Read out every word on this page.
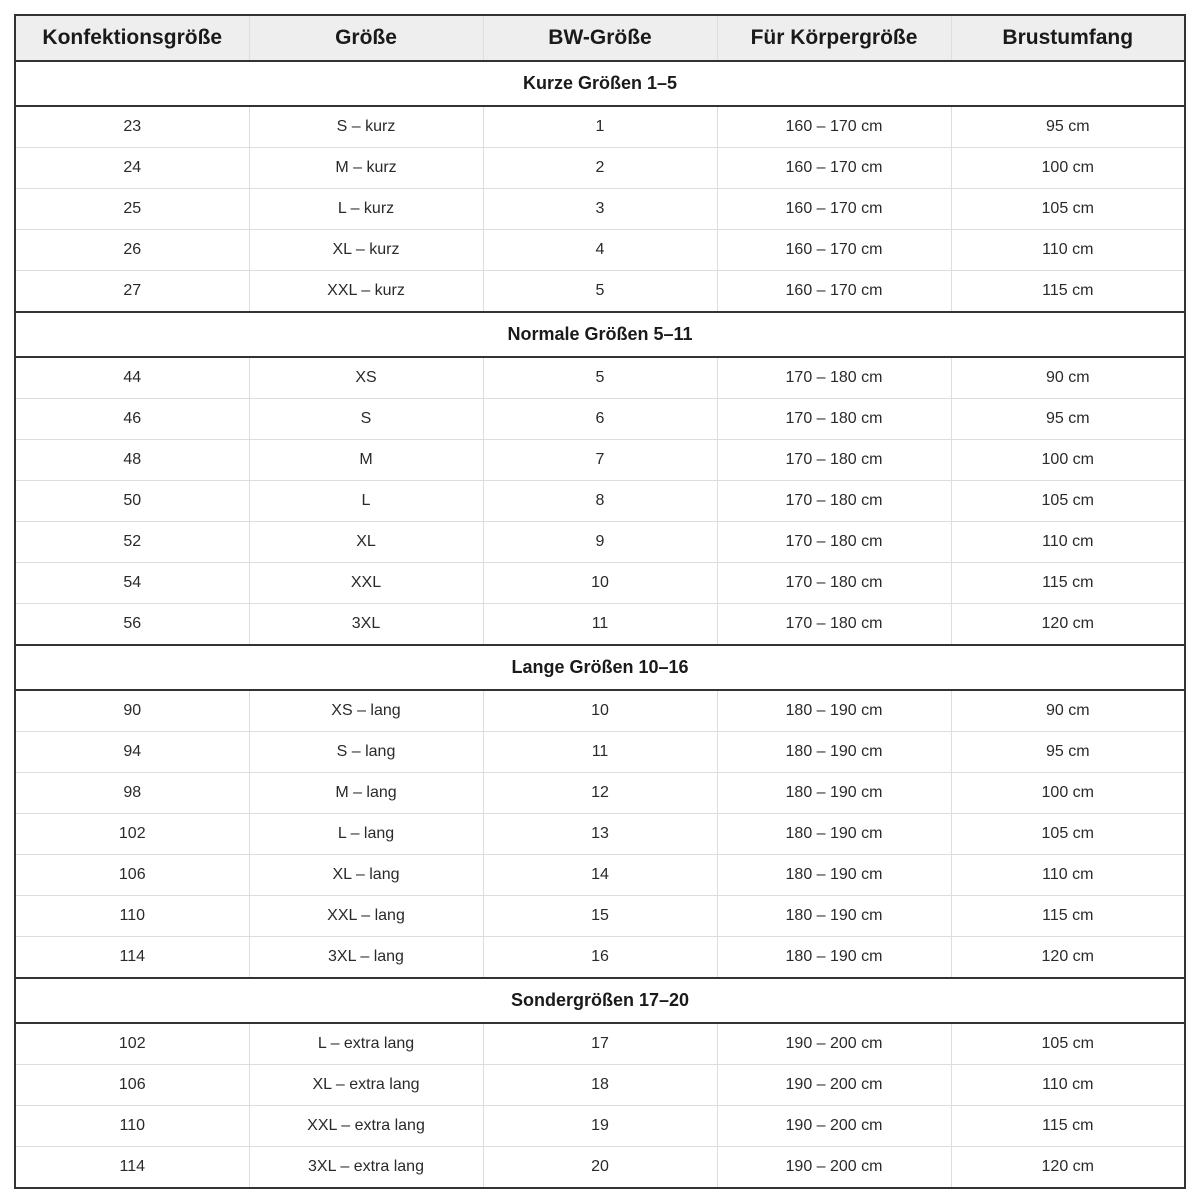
Konfektionsgröße	Größe	BW-Größe	Für Körpergröße	Brustumfang
Kurze Größen 1–5				
23	S – kurz	1	160 – 170 cm	95 cm
24	M – kurz	2	160 – 170 cm	100 cm
25	L – kurz	3	160 – 170 cm	105 cm
26	XL – kurz	4	160 – 170 cm	110 cm
27	XXL – kurz	5	160 – 170 cm	115 cm
Normale Größen 5–11				
44	XS	5	170 – 180 cm	90 cm
46	S	6	170 – 180 cm	95 cm
48	M	7	170 – 180 cm	100 cm
50	L	8	170 – 180 cm	105 cm
52	XL	9	170 – 180 cm	110 cm
54	XXL	10	170 – 180 cm	115 cm
56	3XL	11	170 – 180 cm	120 cm
Lange Größen 10–16				
90	XS – lang	10	180 – 190 cm	90 cm
94	S – lang	11	180 – 190 cm	95 cm
98	M – lang	12	180 – 190 cm	100 cm
102	L – lang	13	180 – 190 cm	105 cm
106	XL – lang	14	180 – 190 cm	110 cm
110	XXL – lang	15	180 – 190 cm	115 cm
114	3XL – lang	16	180 – 190 cm	120 cm
Sondergrößen 17–20				
102	L – extra lang	17	190 – 200 cm	105 cm
106	XL – extra lang	18	190 – 200 cm	110 cm
110	XXL – extra lang	19	190 – 200 cm	115 cm
114	3XL – extra lang	20	190 – 200 cm	120 cm
